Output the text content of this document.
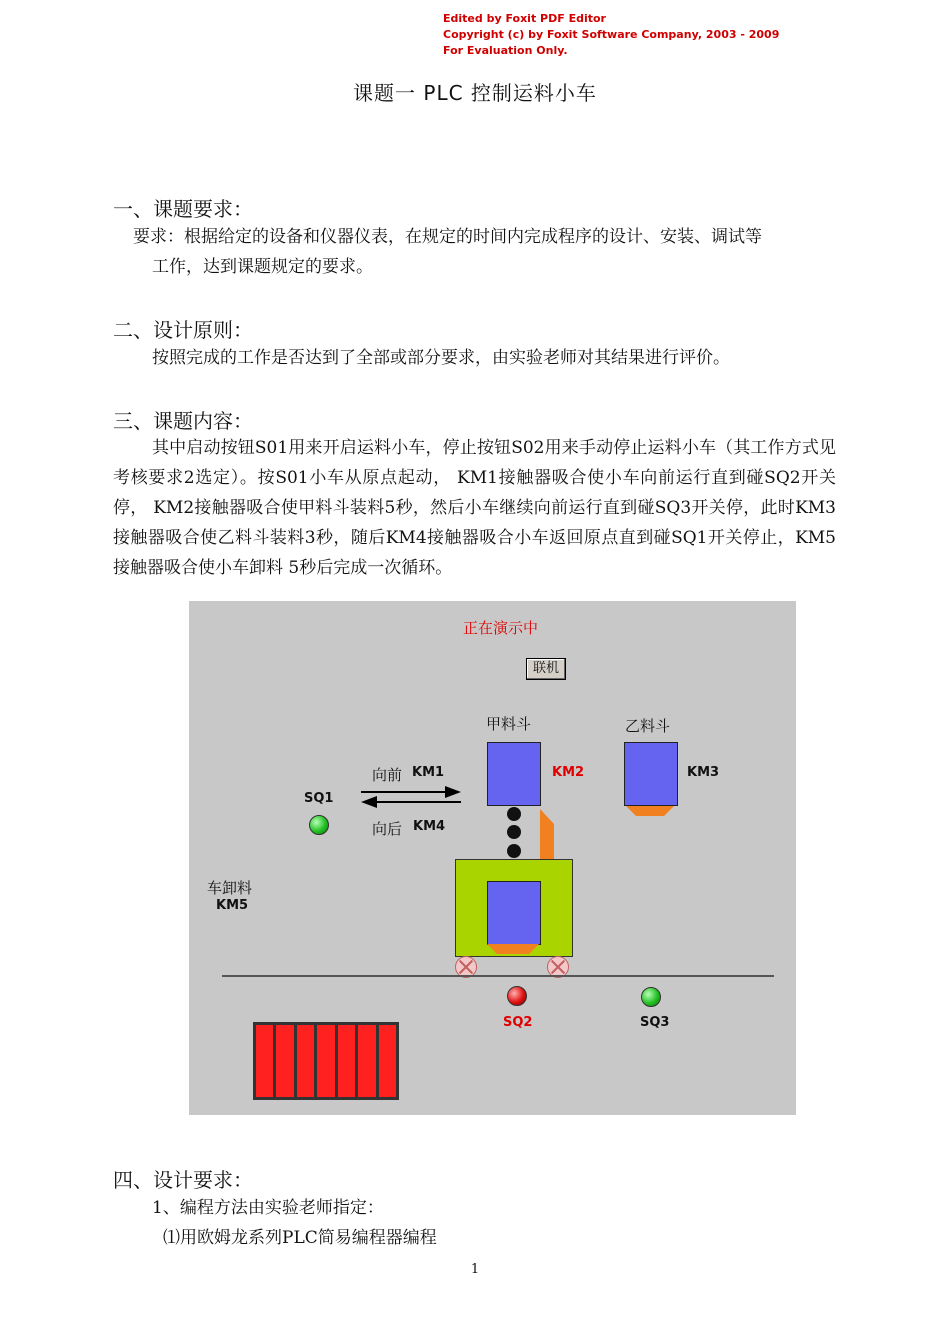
Edited by Foxit PDF Editor
Copyright (c) by Foxit Software Company, 2003 - 2009
For Evaluation Only.
课题一 PLC 控制运料小车
一、课题要求：

要求：根据给定的设备和仪器仪表，在规定的时间内完成程序的设计、安装、调试等

工作，达到课题规定的要求。

二、设计原则：

按照完成的工作是否达到了全部或部分要求，由实验老师对其结果进行评价。

三、课题内容：

其中启动按钮S01用来开启运料小车，停止按钮S02用来手动停止运料小车（其工作方式见考核要求2选定）。按S01小车从原点起动， KM1接触器吸合使小车向前运行直到碰SQ2开关停， KM2接触器吸合使甲料斗装料5秒，然后小车继续向前运行直到碰SQ3开关停，此时KM3接触器吸合使乙料斗装料3秒，随后KM4接触器吸合小车返回原点直到碰SQ1开关停止，KM5接触器吸合使小车卸料 5秒后完成一次循环。

正在演示中
联机
甲料斗	乙料斗
KM2	KM3
向前 KM1
向后 KM4
SQ1
车卸料
KM5
SQ2	SQ3
四、设计要求：

1、编程方法由实验老师指定：

⑴用欧姆龙系列PLC简易编程器编程

1
